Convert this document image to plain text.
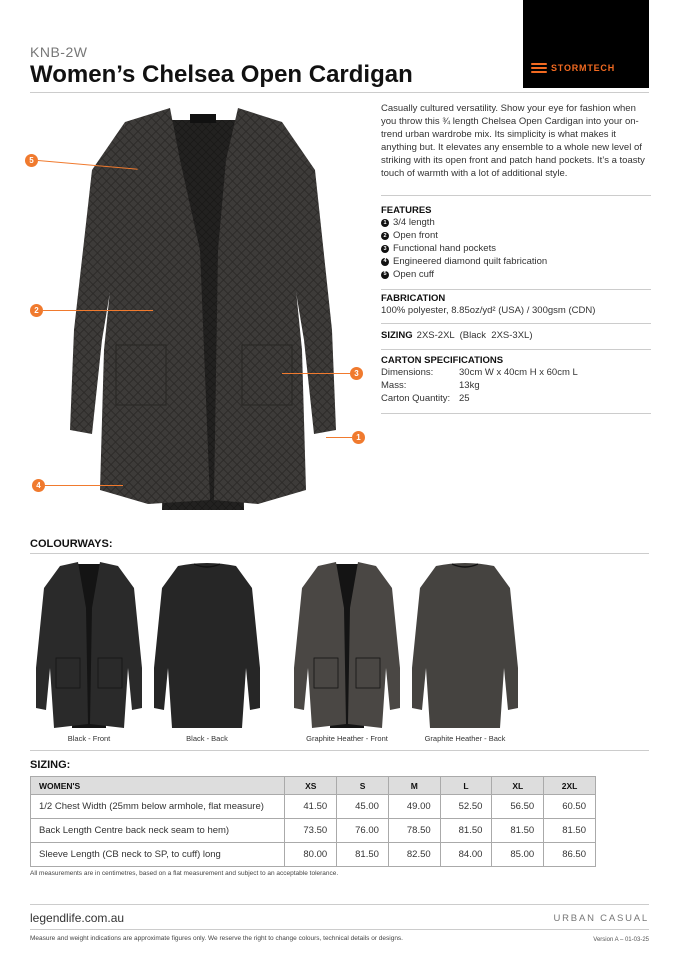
STORMTECH
KNB-2W
Women’s Chelsea Open Cardigan
5
2
3
1
4
Casually cultured versatility. Show your eye for fashion when you throw this ¾ length Chelsea Open Cardigan into your on-trend urban wardrobe mix. Its simplicity is what makes it anything but. It elevates any ensemble to a whole new level of striking with its open front and patch hand pockets. It’s a toasty touch of warmth with a lot of additional style.
FEATURES
1 3/4 length
2 Open front
3 Functional hand pockets
4 Engineered diamond quilt fabrication
5 Open cuff
FABRICATION
100% polyester, 8.85oz/yd² (USA) / 300gsm (CDN)
SIZING 2XS-2XL  (Black  2XS-3XL)
CARTON SPECIFICATIONS
Dimensions:	30cm W x 40cm H x 60cm L
Mass:	13kg
Carton Quantity: 25
COLOURWAYS:
Black - Front	Black - Back	Graphite Heather - Front	Graphite Heather - Back
SIZING:
WOMEN'S	XS	S	M	L	XL	2XL
1/2 Chest Width (25mm below armhole, flat measure)	41.50	45.00	49.00	52.50	56.50	60.50
Back Length Centre back neck seam to hem)	73.50	76.00	78.50	81.50	81.50	81.50
Sleeve Length (CB neck to SP, to cuff) long	80.00	81.50	82.50	84.00	85.00	86.50
All measurements are in centimetres, based on a flat measurement and subject to an acceptable tolerance.
legendlife.com.au	URBAN CASUAL
Measure and weight indications are approximate figures only. We reserve the right to change colours, technical details or designs.	Version A – 01-03-25
